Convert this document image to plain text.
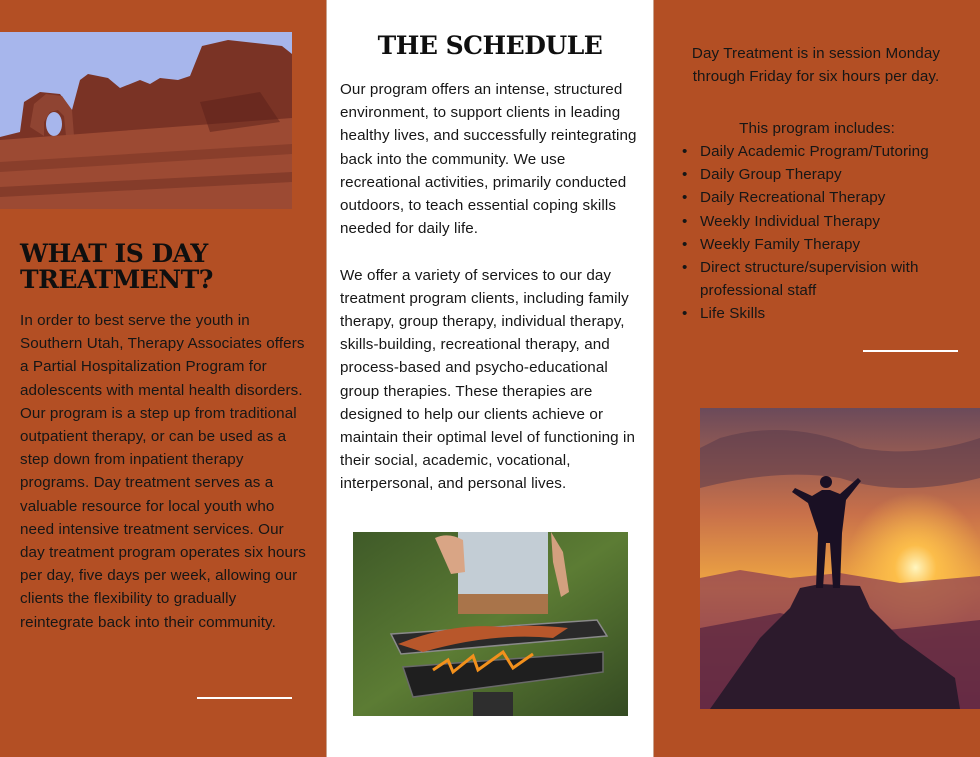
WHAT IS DAY TREATMENT?

In order to best serve the youth in Southern Utah, Therapy Associates offers a Partial Hospitalization Program for adolescents with mental health disorders. Our program is a step up from traditional outpatient therapy, or can be used as a step down from inpatient therapy programs. Day treatment serves as a valuable resource for local youth who need intensive treatment services. Our day treatment program operates six hours per day, five days per week, allowing our clients the flexibility to gradually reintegrate back into their community.

THE SCHEDULE

Our program offers an intense, structured environment, to support clients in leading healthy lives, and successfully reintegrating back into the community. We use recreational activities, primarily conducted outdoors, to teach essential coping skills needed for daily life.

We offer a variety of services to our day treatment program clients, including family therapy, group therapy, individual therapy, skills-building, recreational therapy, and process-based and psycho-educational group therapies. These therapies are designed to help our clients achieve or maintain their optimal level of functioning in their social, academic, vocational, interpersonal, and personal lives.

Day Treatment is in session Monday through Friday for six hours per day.

This program includes:

• Daily Academic Program/Tutoring
• Daily Group Therapy
• Daily Recreational Therapy
• Weekly Individual Therapy
• Weekly Family Therapy
• Direct structure/supervision with professional staff
• Life Skills
